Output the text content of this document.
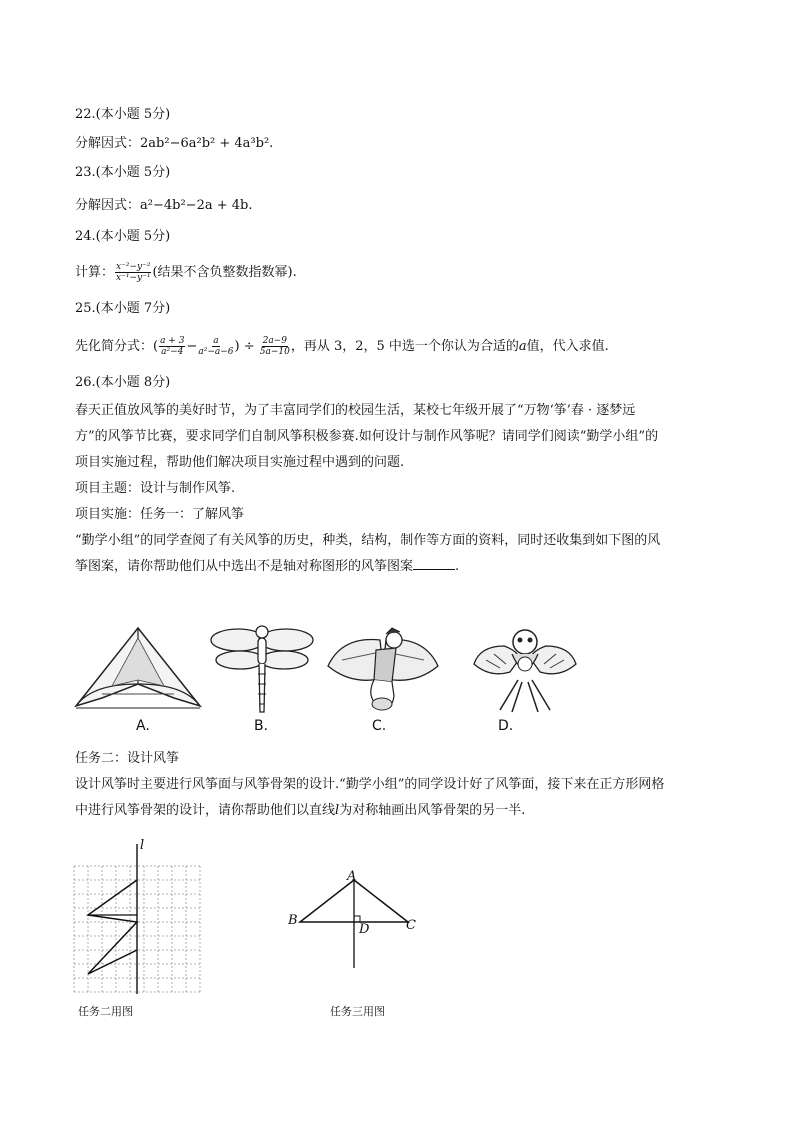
22.(本小题 5分)
分解因式：2ab²−6a²b² + 4a³b².
23.(本小题 5分)
分解因式：a²−4b²−2a + 4b.
24.(本小题 5分)
计算： $\frac{\text{x⁻²−y⁻²}}{\text{x⁻¹−y⁻¹}}$ (结果不含负整数指数幂).
25.(本小题 7分)
先化简分式：( $\frac{a + 3}{\text{a²−4}} - \frac{a}{\text{a²−a−6}}$ ) ÷ $\frac{2a-9}{5a-10}$ ，再从 3，2，5 中选一个你认为合适的a值，代入求值.
26.(本小题 8分)
春天正值放风筝的美好时节，为了丰富同学们的校园生活，某校七年级开展了“万物‘筝’春 · 逐梦远
方”的风筝节比赛，要求同学们自制风筝积极参赛.如何设计与制作风筝呢？请同学们阅读“勤学小组”的
项目实施过程，帮助他们解决项目实施过程中遇到的问题.
项目主题：设计与制作风筝.
项目实施：任务一：了解风筝
“勤学小组”的同学查阅了有关风筝的历史，种类，结构，制作等方面的资料，同时还收集到如下图的风
筝图案，请你帮助他们从中选出不是轴对称图形的风筝图案	.
A.	B.	C.	D.
任务二：设计风筝
设计风筝时主要进行风筝面与风筝骨架的设计.“勤学小组”的同学设计好了风筝面，接下来在正方形网格
中进行风筝骨架的设计，请你帮助他们以直线l为对称轴画出风筝骨架的另一半.
l
任务二用图
A
B	C
D
任务三用图
